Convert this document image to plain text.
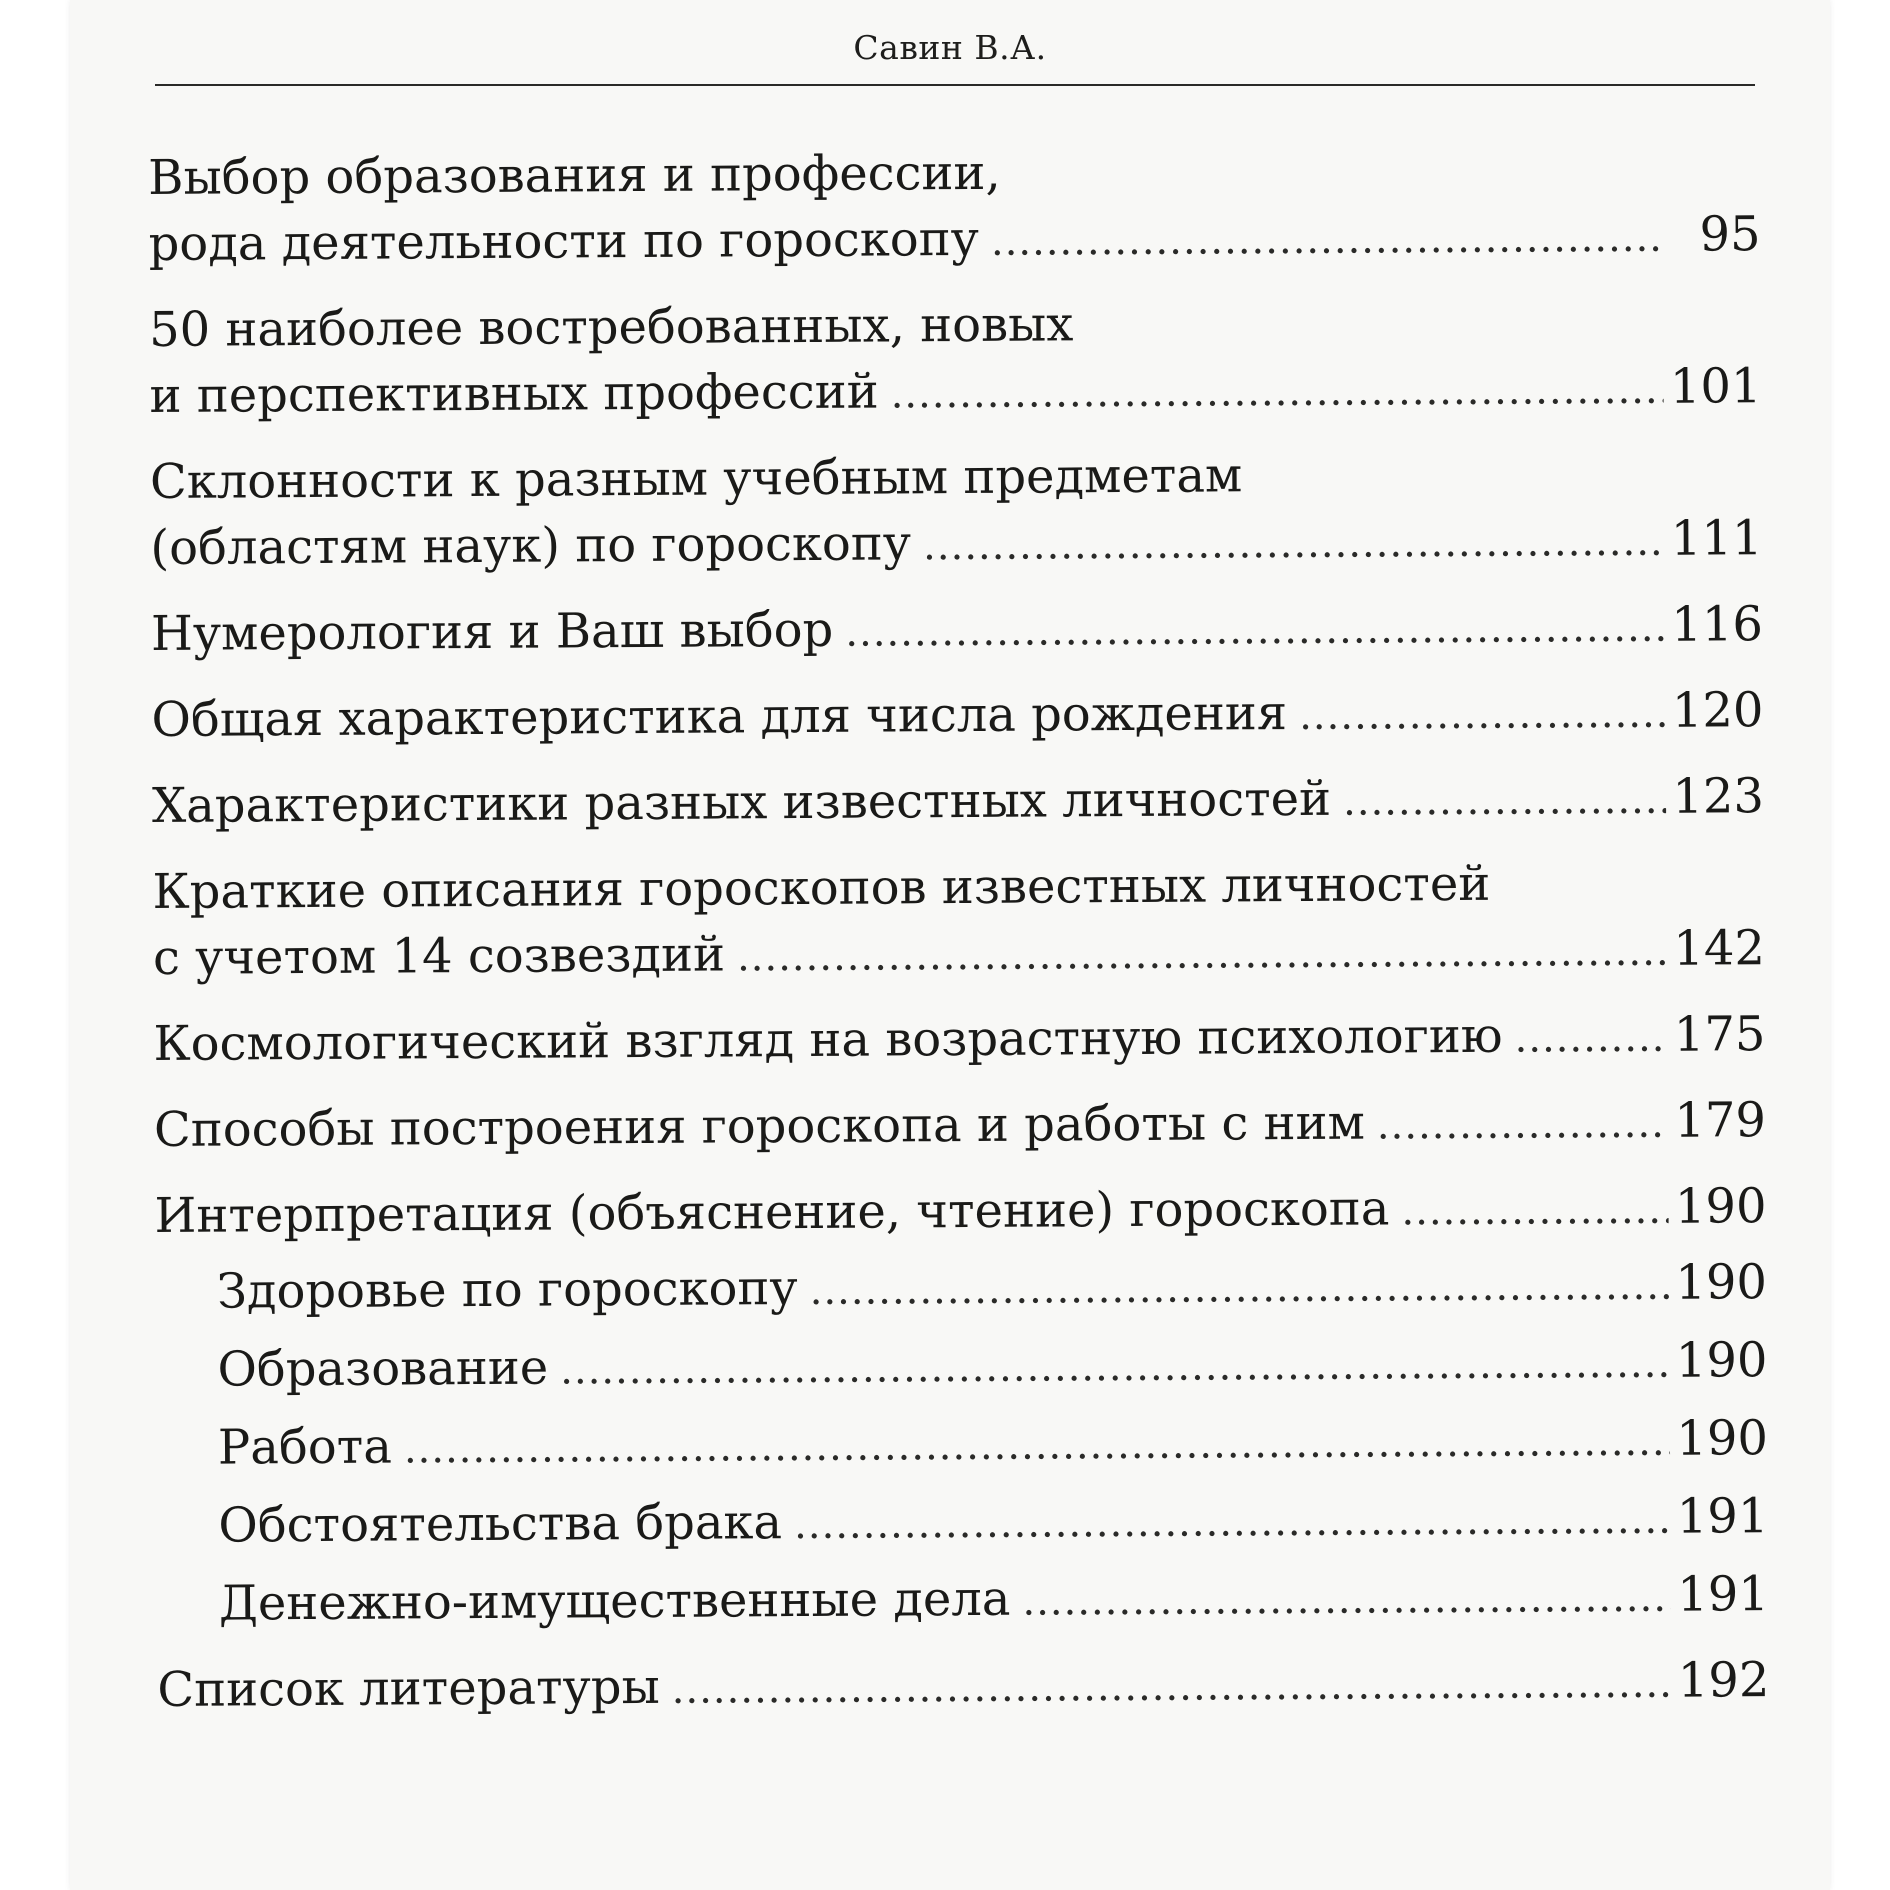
Савин В.А.
Выбор образования и профессии,
рода деятельности по гороскопу .....	95
50 наиболее востребованных, новых
и перспективных профессий .....	101
Склонности к разным учебным предметам
(областям наук) по гороскопу .....	111
Нумерология и Ваш выбор .....	116
Общая характеристика для числа рождения .....	120
Характеристики разных известных личностей .....	123
Краткие описания гороскопов известных личностей
с учетом 14 созвездий .....	142
Космологический взгляд на возрастную психологию .....	175
Способы построения гороскопа и работы с ним .....	179
Интерпретация (объяснение, чтение) гороскопа .....	190
Здоровье по гороскопу .....	190
Образование .....	190
Работа .....	190
Обстоятельства брака .....	191
Денежно-имущественные дела .....	191
Список литературы .....	192
